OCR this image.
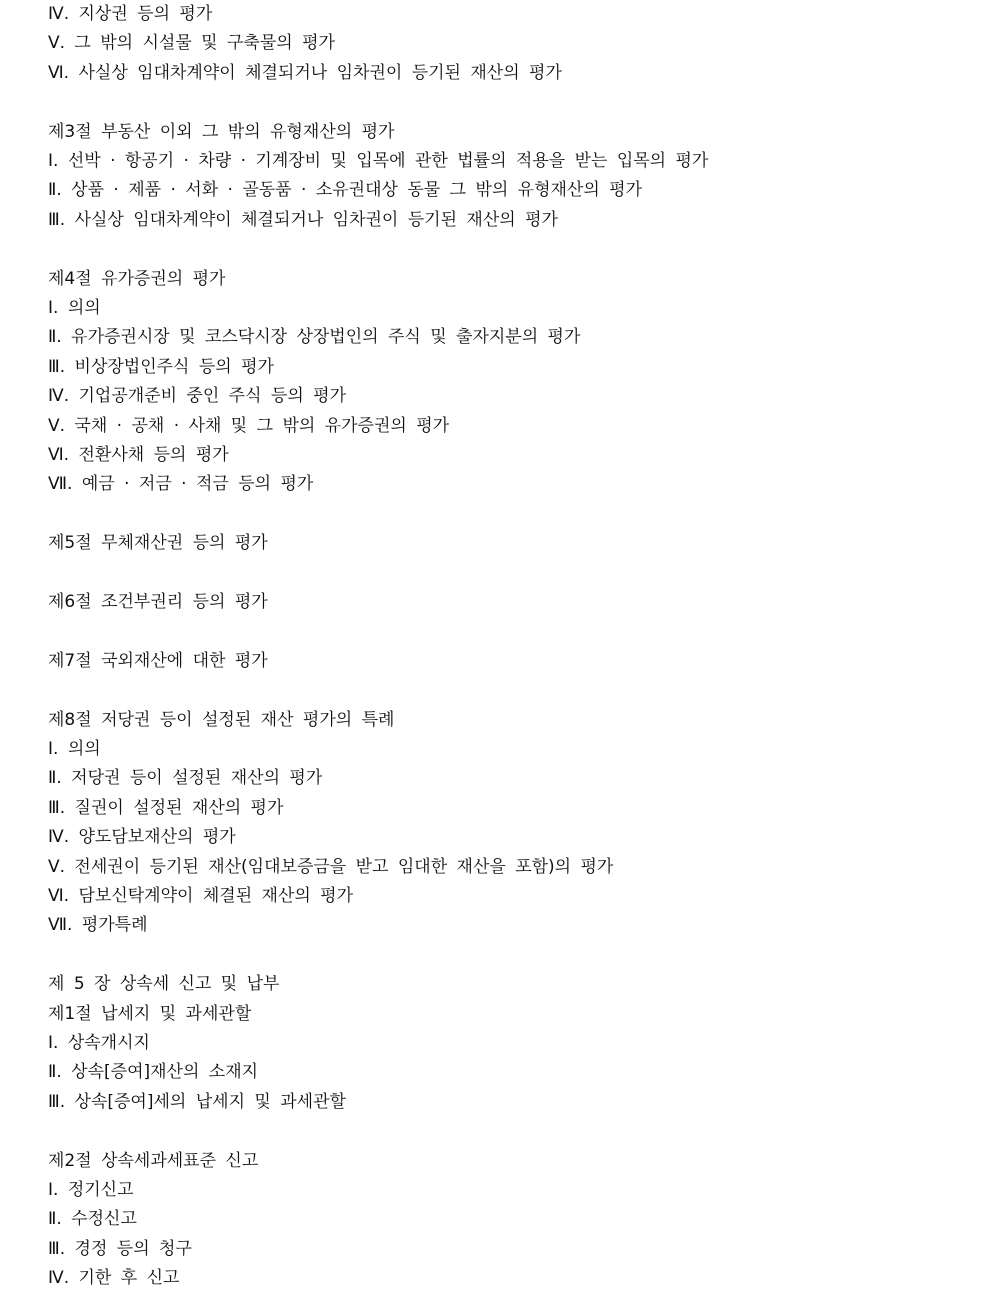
Ⅳ. 지상권 등의 평가
Ⅴ. 그 밖의 시설물 및 구축물의 평가
Ⅵ. 사실상 임대차계약이 체결되거나 임차권이 등기된 재산의 평가
제3절 부동산 이외 그 밖의 유형재산의 평가
Ⅰ. 선박 · 항공기 · 차량 · 기계장비 및 입목에 관한 법률의 적용을 받는 입목의 평가
Ⅱ. 상품 · 제품 · 서화 · 골동품 · 소유권대상 동물 그 밖의 유형재산의 평가
Ⅲ. 사실상 임대차계약이 체결되거나 임차권이 등기된 재산의 평가
제4절 유가증권의 평가
Ⅰ. 의의
Ⅱ. 유가증권시장 및 코스닥시장 상장법인의 주식 및 출자지분의 평가
Ⅲ. 비상장법인주식 등의 평가
Ⅳ. 기업공개준비 중인 주식 등의 평가
Ⅴ. 국채 · 공채 · 사채 및 그 밖의 유가증권의 평가
Ⅵ. 전환사채 등의 평가
Ⅶ. 예금 · 저금 · 적금 등의 평가
제5절 무체재산권 등의 평가
제6절 조건부권리 등의 평가
제7절 국외재산에 대한 평가
제8절 저당권 등이 설정된 재산 평가의 특례
Ⅰ. 의의
Ⅱ. 저당권 등이 설정된 재산의 평가
Ⅲ. 질권이 설정된 재산의 평가
Ⅳ. 양도담보재산의 평가
Ⅴ. 전세권이 등기된 재산(임대보증금을 받고 임대한 재산을 포함)의 평가
Ⅵ. 담보신탁계약이 체결된 재산의 평가
Ⅶ. 평가특례
제 5 장 상속세 신고 및 납부
제1절 납세지 및 과세관할
Ⅰ. 상속개시지
Ⅱ. 상속[증여]재산의 소재지
Ⅲ. 상속[증여]세의 납세지 및 과세관할
제2절 상속세과세표준 신고
Ⅰ. 정기신고
Ⅱ. 수정신고
Ⅲ. 경정 등의 청구
Ⅳ. 기한 후 신고
